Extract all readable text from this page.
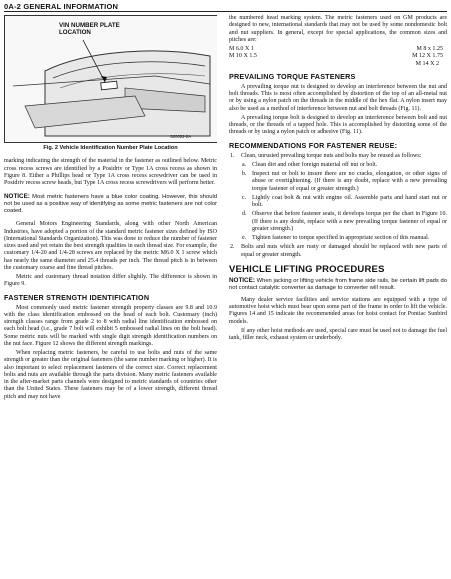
0A-2 GENERAL INFORMATION
VIN NUMBER PLATE
LOCATION
S20002-0A

Fig. 2 Vehicle Identification Number Plate Location

marking indicating the strength of the material in the fastener as outlined below. Metric cross recess screws are identified by a Posidriv or Type 1A cross recess as shown in Figure 8. Either a Phillips head or Type 1A cross recess screwdriver can be used in Posidriv recess screw heads, but Type 1A cross recess screwdrivers will perform better.

NOTICE: Most metric fasteners have a blue color coating. However, this should not be used as a positive way of identifying as some metric fasteners are not color coated.

General Motors Engineering Standards, along with other North American Industries, have adopted a portion of the standard metric fastener sizes defined by ISO (International Standards Organization). This was done to reduce the number of fastener sizes used and yet retain the best strength qualities in each thread size. For example, the customary 1/4-20 and 1/4-28 screws are replaced by the metric M6.0 X 1 screw which has nearly the same diameter and 25.4 threads per inch. The thread pitch is in between the customary coarse and fine thread pitches.

Metric and customary thread notation differ slightly. The difference is shown in Figure 9.

FASTENER STRENGTH IDENTIFICATION

Most commonly used metric fastener strength property classes are 9.8 and 10.9 with the class identification embossed on the head of each bolt. Customary (inch) strength classes range from grade 2 to 8 with radial line identification embossed on each bolt head (i.e., grade 7 bolt will exhibit 5 embossed radial lines on the bolt head). Some metric nuts will be marked with single digit strength identification numbers on the nut face. Figure 12 shows the different strength markings.

When replacing metric fasteners, be careful to use bolts and nuts of the same strength or greater than the original fasteners (the same number marking or higher). It is also important to select replacement fasteners of the correct size. Correct replacement bolts and nuts are available through the parts division. Many metric fasteners available in the after-market parts channels were designed to metric standards of countries other than the United States. These fasteners may be of a lower strength, different thread pitch and may not have

the numbered head marking system. The metric fasteners used on GM products are designed to new, international standards that may not be used by some nondomestic bolt and nut suppliers. In general, except for special applications, the common sizes and pitches are:

M 6.0 X 1
M 10 X 1.5
M 8 x 1.25
M 12 X 1.75
M 14 X 2
PREVAILING TORQUE FASTENERS

A prevailing torque nut is designed to develop an interference between the nut and bolt threads. This is most often accomplished by distortion of the top of an all-metal nut or by using a nylon patch on the threads in the middle of the hex flat. A nylon insert may also be used as a method of interference between nut and bolt threads (Fig. 11).

A prevailing torque bolt is designed to develop an interference between bolt and nut threads, or the threads of a tapped hole. This is accomplished by distorting some of the threads or by using a nylon patch or adhesive (Fig. 11).

RECOMMENDATIONS FOR FASTENER REUSE:
1. Clean, unrusted prevailing torque nuts and bolts may be reused as follows:

a. Clean dirt and other foreign material off nut or bolt.

b. Inspect nut or bolt to insure there are no cracks, elongation, or other signs of abuse or overtightening. (If there is any doubt, replace with a new prevailing torque fastener of equal or greater strength.)

c. Lightly coat bolt & nut with engine oil. Assemble parts and hand start nut or bolt.

d. Observe that before fastener seats, it develops torque per the chart in Figure 10. (If there is any doubt, replace with a new prevailing torque fastener of equal or greater strength.)

e. Tighten fastener to torque specified in appropriate section of this manual.

2. Bolts and nuts which are rusty or damaged should be replaced with new parts of equal or greater strength.

VEHICLE LIFTING PROCEDURES

NOTICE: When jacking or lifting vehicle from frame side rails, be certain lift pads do not contact catalytic converter as damage to converter will result.

Many dealer service facilities and service stations are equipped with a type of automotive hoist which must bear upon some part of the frame in order to lift the vehicle. Figures 14 and 15 indicate the recommended areas for hoist contact for Pontiac Sunbird models.

If any other hoist methods are used, special care must be used not to damage the fuel tank, filler neck, exhaust system or underbody.
